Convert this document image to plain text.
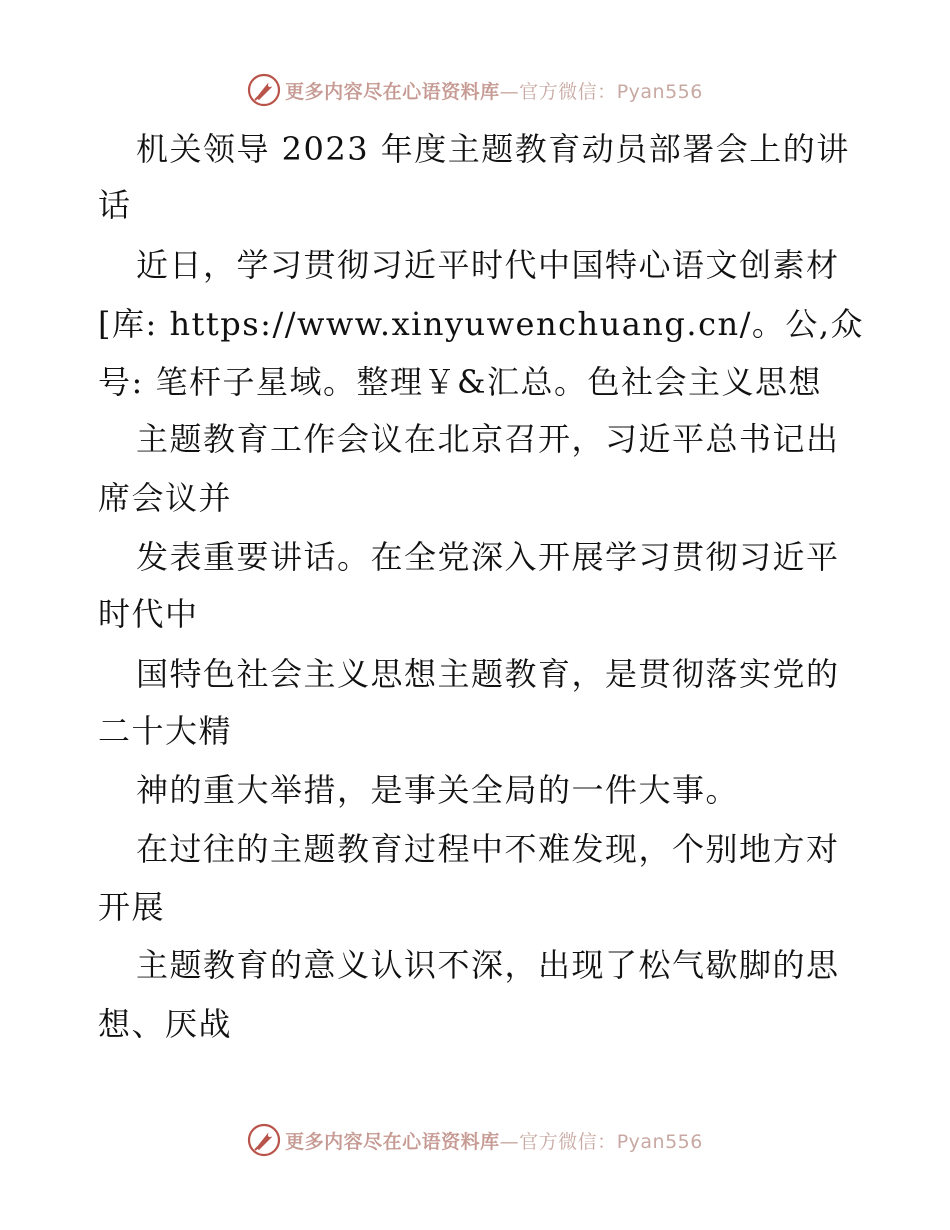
更多内容尽在心语资料库—官方微信：Pyan556
机关领导 2023 年度主题教育动员部署会上的讲
话
近日，学习贯彻习近平时代中国特心语文创素材
[库: https://www.xinyuwenchuang.cn/。公,众
号: 笔杆子星域。整理￥&汇总。色社会主义思想
主题教育工作会议在北京召开，习近平总书记出
席会议并
发表重要讲话。在全党深入开展学习贯彻习近平
时代中
国特色社会主义思想主题教育，是贯彻落实党的
二十大精
神的重大举措，是事关全局的一件大事。
在过往的主题教育过程中不难发现，个别地方对
开展
主题教育的意义认识不深，出现了松气歇脚的思
想、厌战
更多内容尽在心语资料库—官方微信：Pyan556
